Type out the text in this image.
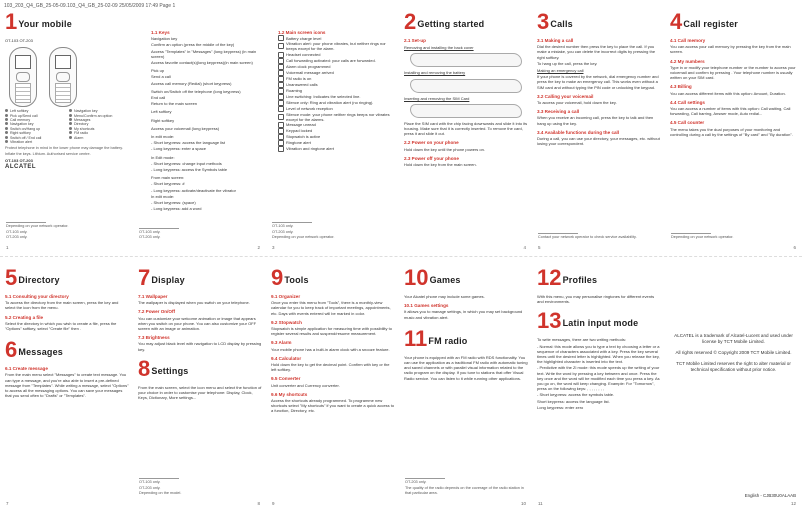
103_203_Q4_GB_25-05-09.103_Q4_GB_25-02-09 25/05/2009 17:49 Page 1
1 Your mobile
OT-103 OT-203
Left softkey
Pick up/Send call
Call memory
Navigation key
Switch on/Hang up
Right softkey
Switch off / End call
Vibration alert
Navigation key
Menu/Confirm an option
Messages
Directory
My shortcuts
FM radio
Alarm
Protect telephone in mind in the lower phone may damage the battery. Inflate the keys. Lithium. Authorised service centre.
OT-103 OT-203
ALCATEL
Depending on your network operator.
OT-103 only.
OT-203 only.
1
1.1 Keys
Navigation key
Confirm an option (press the middle of the key)
Access "Templates" in "Messages" (long keypress) (in main screen)
Access favorite contact(s)(long keypress)(in main screen)
Pick up
Send a call
Access call memory (Redial) (short keypress)
Switch on/Switch off the telephone (long keypress)
End call
Return to the main screen
Left softkey
Right softkey
Access your voicemail (long keypress)
In edit mode:
- Short keypress: access the language list
- Long keypress: enter a space
In Edit mode:
- Short keypress: change input methods
- Long keypress: access the Symbols table
From main screen:
- Short keypress: #
- Long keypress: activate/deactivate the vibrator
In edit mode:
- Short keypress: (space)
- Long keypress: add a word
OT-103 only.
OT-203 only.
2
1.2 Main screen icons
Battery charge level
Vibration alert: your phone vibrates, but neither rings nor beeps except for the alarm.
Headset connected
Call forwarding activated: your calls are forwarded.
Alarm clock programmed
Voicemail message arrived
FM radio is on
Unanswered calls
Roaming
Line switching: Indicates the selected line.
Silence only: Ring and vibration alert (no ringing).
Level of network reception
Silence mode: your phone neither rings beeps nor vibrates except for the alarms.
Message unread
Keypad locked
Stopwatch is active
Ringtone alert
Vibration and ringtone alert
OT-103 only.
OT-203 only.
Depending on your network operator.
3
2 Getting started
2.1 Set-up
Removing and installing the back cover
Installing and removing the battery
Inserting and removing the SIM Card
Place the SIM card with the chip facing downwards and slide it into its housing. Make sure that it is correctly inserted. To remove the card, press it and slide it out.
2.2 Power on your phone
Hold down the key until the phone powers on.
2.3 Power off your phone
Hold down the key from the main screen.
4
3 Calls
3.1 Making a call
Dial the desired number then press the key to place the call. If you make a mistake, you can delete the incorrect digits by pressing the right softkey.
To hang up the call, press the key.
Making an emergency call
If your phone is covered by the network, dial emergency number and press the key to make an emergency call. This works even without a SIM card and without typing the PIN code or unlocking the keypad.
3.2 Calling your voicemail
To access your voicemail, hold down the key.
3.3 Receiving a call
When you receive an incoming call, press the key to talk and then hang up using the key.
3.4 Available functions during the call
During a call, you can use your directory, your messages, etc. without losing your correspondent.
Contact your network operator to check service availability.
5
4 Call register
4.1 Call memory
You can access your call memory by pressing the key from the main screen.
4.2 My numbers
Type in or modify your telephone number or the number to access your voicemail and confirm by pressing . Your telephone number is usually written on your SIM card.
4.3 Billing
You can access different items with this option: Amount, Duration.
4.4 Call settings
You can access a number of items with this option: Call waiting, Call forwarding, Call barring, Answer mode, Auto redial...
4.5 Call counter
The menu takes you the dual purposes of your monitoring and controlling during a call by the settings of "By card" and "By duration".
Depending on your network operator.
6
5 Directory
5.1 Consulting your directory
To access the directory from the main screen, press the key and select the icon from the menu.
5.2 Creating a file
Select the directory in which you wish to create a file, press the "Options" softkey, select "Create file" then .
6 Messages
6.1 Create message
From the main menu select "Messages" to create text message. You can type a message, and you're also able to insert a pre-defined message from "Templates". While writing a message, select "Options" to access all the messaging options. You can save your messages that you send often to "Drafts" or "Templates".
7
7 Display
7.1 Wallpaper
The wallpaper is displayed when you switch on your telephone.
7.2 Power On/Off
You can customize your welcome animation or image that appears when you switch on your phone. You can also customize your OFF screen with an image or animation.
7.3 Brightness
You may adjust black level with navigation to LCD display by pressing key.
8 Settings
From the main screen, select the icon menu and select the function of your choice in order to customise your telephone: Display, Clock, Keys, Dictionary, More settings...
OT-103 only.
OT-203 only.
Depending on the model.
8
9 Tools
9.1 Organizer
Once you enter this menu from "Tools", there is a monthly-view calendar for you to keep track of important meetings, appointments, etc. Days with events entered will be marked in color.
9.2 Stopwatch
Stopwatch is simple application for measuring time with possibility to register several results and suspend/resume measurement.
9.3 Alarm
Your mobile phone has a built-in alarm clock with a snooze feature.
9.4 Calculator
Hold down the key to get the decimal point. Confirm with key or the left softkey.
9.5 Converter
Unit converter and Currency converter.
9.6 My shortcuts
Access the shortcuts already programmed. To programme new shortcuts select "My shortcuts" if you want to create a quick access to a function, Directory, etc.
9
10 Games
Your Alcatel phone may include some games.
10.1 Games settings
It allows you to manage settings, in which you may set background music and vibration alert.
11 FM radio
Your phone is equipped with an FM radio with RDS functionality. You can use the application as a traditional FM radio with automatic tuning and saved channels or with parallel visual information related to the radio program on the display. If you tune to stations that offer Visual Radio service. You can listen to it while running other applications.
OT-203 only.
The quality of the radio depends on the coverage of the radio station in that particular area.
10
12 Profiles
With this menu, you may personalise ringtones for different events and environments.
13 Latin input mode
To write messages, there are two writing methods:
- Normal: this mode allows you to type a text by choosing a letter or a sequence of characters associated with a key. Press the key several times until the desired letter is highlighted. When you release the key, the highlighted character is inserted into the text.
- Predictive with the Zi mode: this mode speeds up the writing of your text. Write the word by pressing a key between and once. Press the key once and the word will be modified each time you press a key. As you go on, the word will keep changing. Example: For "Tomorrow", press on the following keys: , , , , , , , ,
- Short keypress: access the symbols table.
Short keypress: access the language list.
Long keypress: enter zero
11
ALCATEL is a trademark of Alcatel-Lucent and used under license by TCT Mobile Limited.
All rights reserved © Copyright 2009 TCT Mobile Limited.
TCT Mobile Limited reserves the right to alter material or technical specification without prior notice.
English - CJB30U0ALAAB
12
